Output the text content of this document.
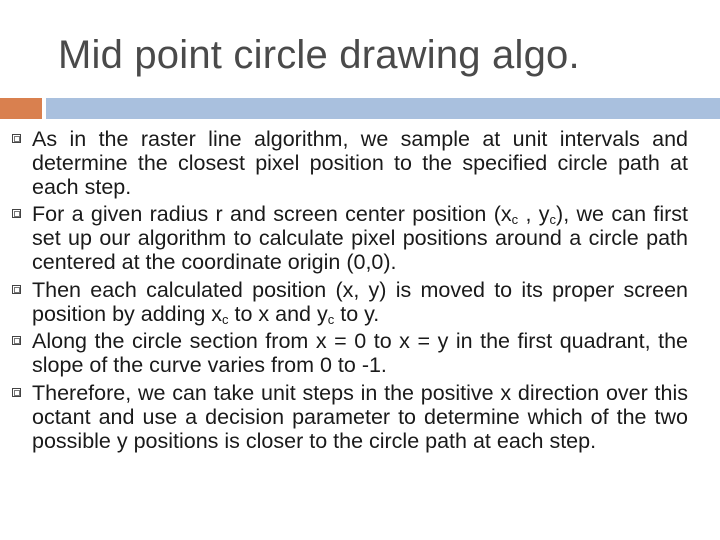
Mid point circle drawing algo.

As in the raster line algorithm, we sample at unit intervals and determine the closest pixel position to the specified circle path at each step.

For a given radius r and screen center position ($x_c$ , $y_c$), we can first set up our algorithm to calculate pixel positions around a circle path centered at the coordinate origin (0,0).

Then each calculated position (x, y) is moved to its proper screen position by adding $x_c$ to x and $y_c$ to y.

Along the circle section from x = 0 to x = y in the first quadrant, the slope of the curve varies from 0 to -1.

Therefore, we can take unit steps in the positive x direction over this octant and use a decision parameter to determine which of the two possible y positions is closer to the circle path at each step.
